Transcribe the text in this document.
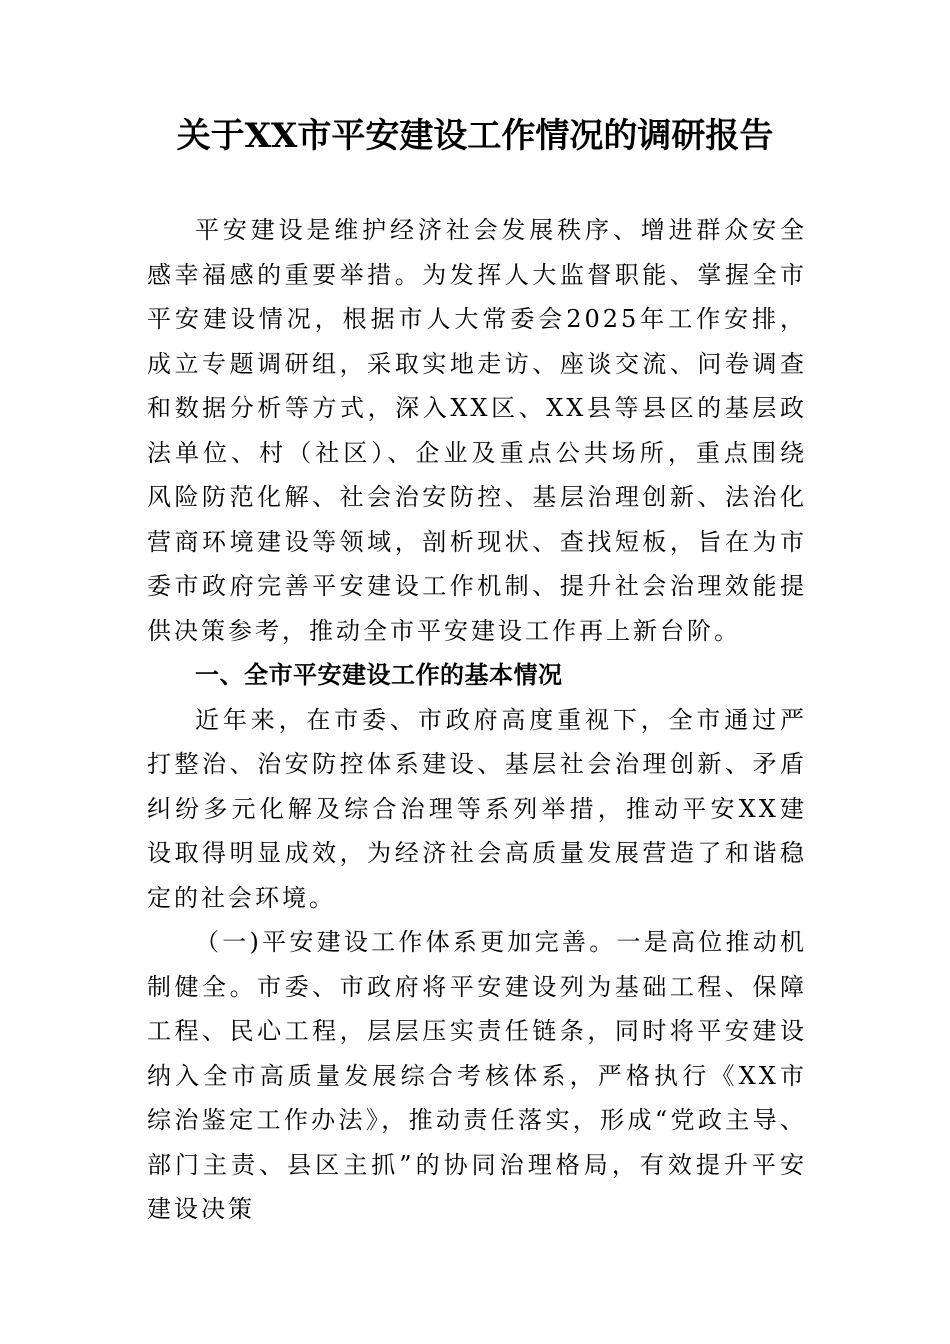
关于XX市平安建设工作情况的调研报告

平安建设是维护经济社会发展秩序、增进群众安全感幸福感的重要举措。为发挥人大监督职能、掌握全市平安建设情况，根据市人大常委会2025年工作安排，成立专题调研组，采取实地走访、座谈交流、问卷调查和数据分析等方式，深入XX区、XX县等县区的基层政法单位、村（社区）、企业及重点公共场所，重点围绕风险防范化解、社会治安防控、基层治理创新、法治化营商环境建设等领域，剖析现状、查找短板，旨在为市委市政府完善平安建设工作机制、提升社会治理效能提供决策参考，推动全市平安建设工作再上新台阶。

一、全市平安建设工作的基本情况

近年来，在市委、市政府高度重视下，全市通过严打整治、治安防控体系建设、基层社会治理创新、矛盾纠纷多元化解及综合治理等系列举措，推动平安XX建设取得明显成效，为经济社会高质量发展营造了和谐稳定的社会环境。

（一)平安建设工作体系更加完善。一是高位推动机制健全。市委、市政府将平安建设列为基础工程、保障工程、民心工程，层层压实责任链条，同时将平安建设纳入全市高质量发展综合考核体系，严格执行《XX市综治鉴定工作办法》，推动责任落实，形成“党政主导、部门主责、县区主抓”的协同治理格局，有效提升平安建设决策
